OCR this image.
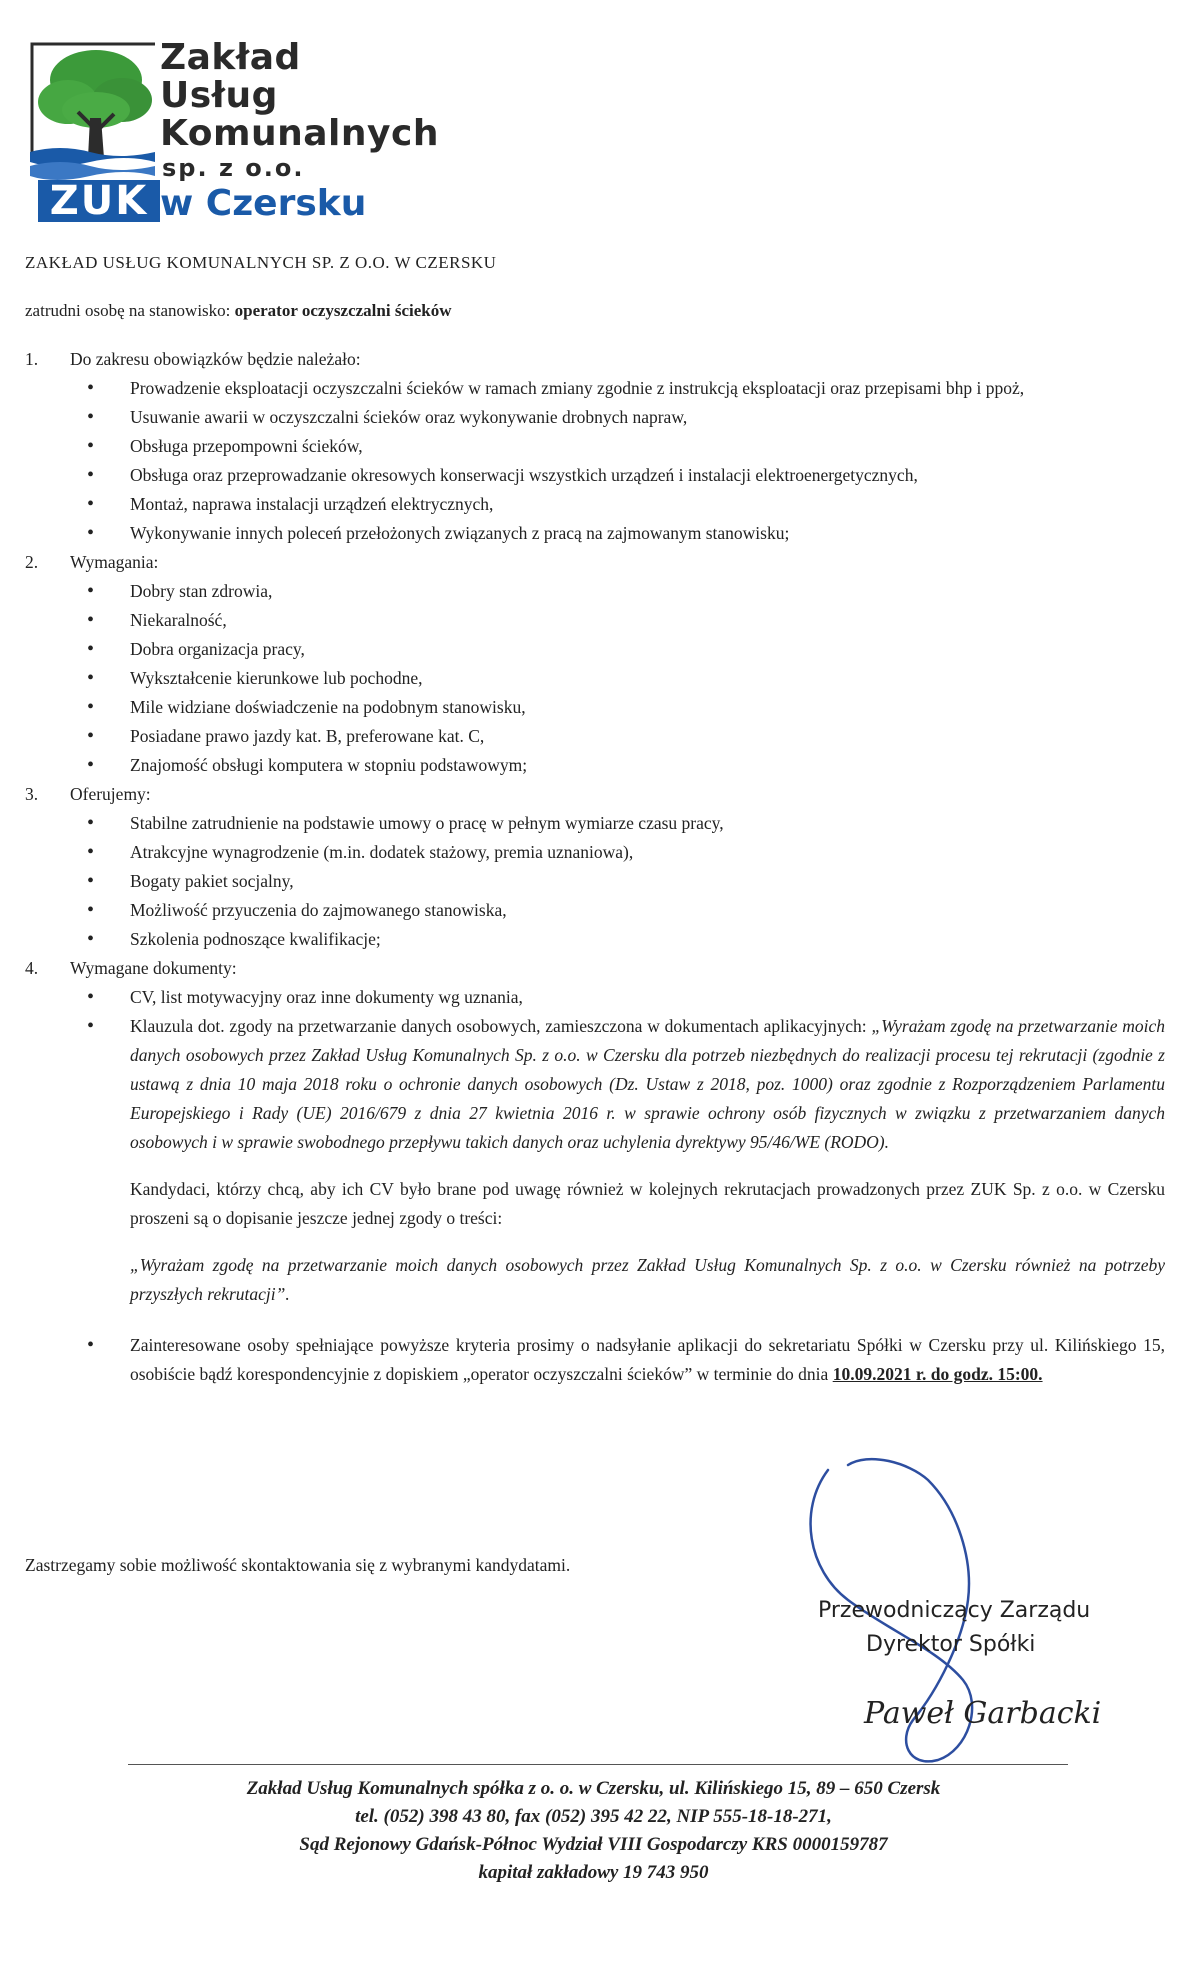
ZUK
Zakład
Usług
Komunalnych
sp. z o.o.
w Czersku
ZAKŁAD USŁUG KOMUNALNYCH SP. Z O.O. W CZERSKU
zatrudni osobę na stanowisko: operator oczyszczalni ścieków
1. Do zakresu obowiązków będzie należało:
• Prowadzenie eksploatacji oczyszczalni ścieków w ramach zmiany zgodnie z instrukcją eksploatacji oraz przepisami bhp i ppoż,
• Usuwanie awarii w oczyszczalni ścieków oraz wykonywanie drobnych napraw,
• Obsługa przepompowni ścieków,
• Obsługa oraz przeprowadzanie okresowych konserwacji wszystkich urządzeń i instalacji elektroenergetycznych,
• Montaż, naprawa instalacji urządzeń elektrycznych,
• Wykonywanie innych poleceń przełożonych związanych z pracą na zajmowanym stanowisku;
2. Wymagania:
• Dobry stan zdrowia,
• Niekaralność,
• Dobra organizacja pracy,
• Wykształcenie kierunkowe lub pochodne,
• Mile widziane doświadczenie na podobnym stanowisku,
• Posiadane prawo jazdy kat. B, preferowane kat. C,
• Znajomość obsługi komputera w stopniu podstawowym;
3. Oferujemy:
• Stabilne zatrudnienie na podstawie umowy o pracę w pełnym wymiarze czasu pracy,
• Atrakcyjne wynagrodzenie (m.in. dodatek stażowy, premia uznaniowa),
• Bogaty pakiet socjalny,
• Możliwość przyuczenia do zajmowanego stanowiska,
• Szkolenia podnoszące kwalifikacje;
4. Wymagane dokumenty:
• CV, list motywacyjny oraz inne dokumenty wg uznania,
• Klauzula dot. zgody na przetwarzanie danych osobowych, zamieszczona w dokumentach aplikacyjnych: „Wyrażam zgodę na przetwarzanie moich danych osobowych przez Zakład Usług Komunalnych Sp. z o.o. w Czersku dla potrzeb niezbędnych do realizacji procesu tej rekrutacji (zgodnie z ustawą z dnia 10 maja 2018 roku o ochronie danych osobowych (Dz. Ustaw z 2018, poz. 1000) oraz zgodnie z Rozporządzeniem Parlamentu Europejskiego i Rady (UE) 2016/679 z dnia 27 kwietnia 2016 r. w sprawie ochrony osób fizycznych w związku z przetwarzaniem danych osobowych i w sprawie swobodnego przepływu takich danych oraz uchylenia dyrektywy 95/46/WE (RODO).
Kandydaci, którzy chcą, aby ich CV było brane pod uwagę również w kolejnych rekrutacjach prowadzonych przez ZUK Sp. z o.o. w Czersku proszeni są o dopisanie jeszcze jednej zgody o treści:
„Wyrażam zgodę na przetwarzanie moich danych osobowych przez Zakład Usług Komunalnych Sp. z o.o. w Czersku również na potrzeby przyszłych rekrutacji”.
• Zainteresowane osoby spełniające powyższe kryteria prosimy o nadsyłanie aplikacji do sekretariatu Spółki w Czersku przy ul. Kilińskiego 15, osobiście bądź korespondencyjnie z dopiskiem „operator oczyszczalni ścieków” w terminie do dnia 10.09.2021 r. do godz. 15:00.
Zastrzegamy sobie możliwość skontaktowania się z wybranymi kandydatami.
Przewodniczący Zarządu
Dyrektor Spółki
Paweł Garbacki
Zakład Usług Komunalnych spółka z o. o. w Czersku, ul. Kilińskiego 15, 89 – 650 Czersk
tel. (052) 398 43 80, fax (052) 395 42 22, NIP 555-18-18-271,
Sąd Rejonowy Gdańsk-Północ Wydział VIII Gospodarczy KRS 0000159787
kapitał zakładowy 19 743 950
